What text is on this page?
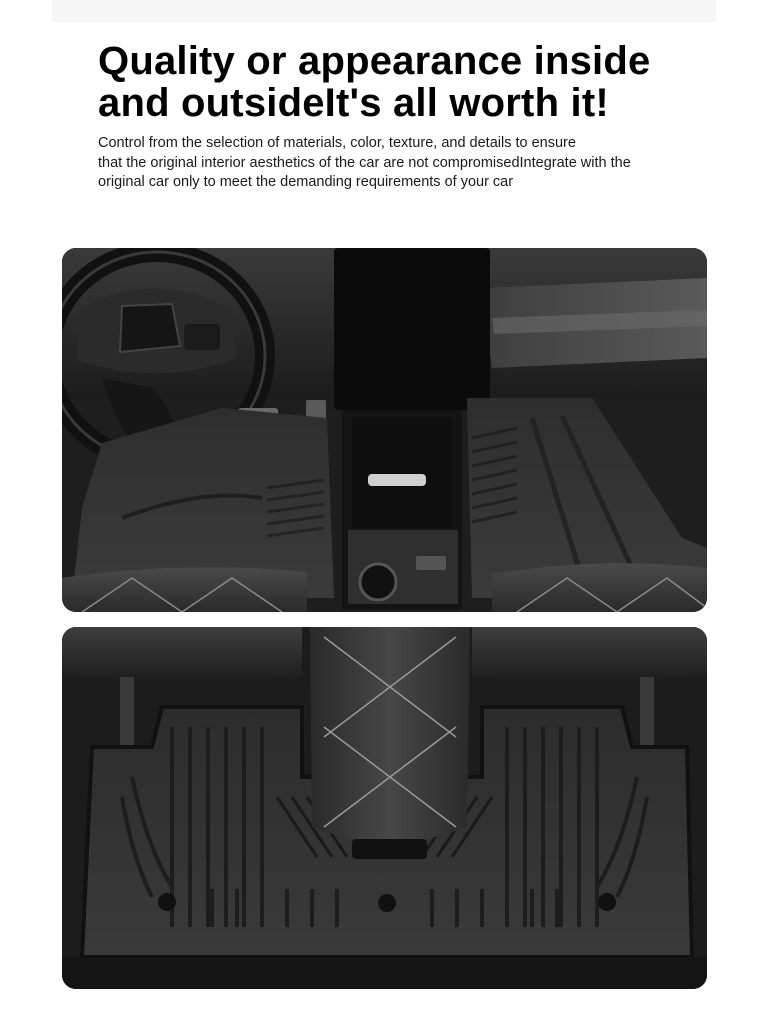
Quality or appearance inside
and outsideIt's all worth it!

Control from the selection of materials, color, texture, and details to ensure
that the original interior aesthetics of the car are not compromisedIntegrate with the
original car only to meet the demanding requirements of your car
